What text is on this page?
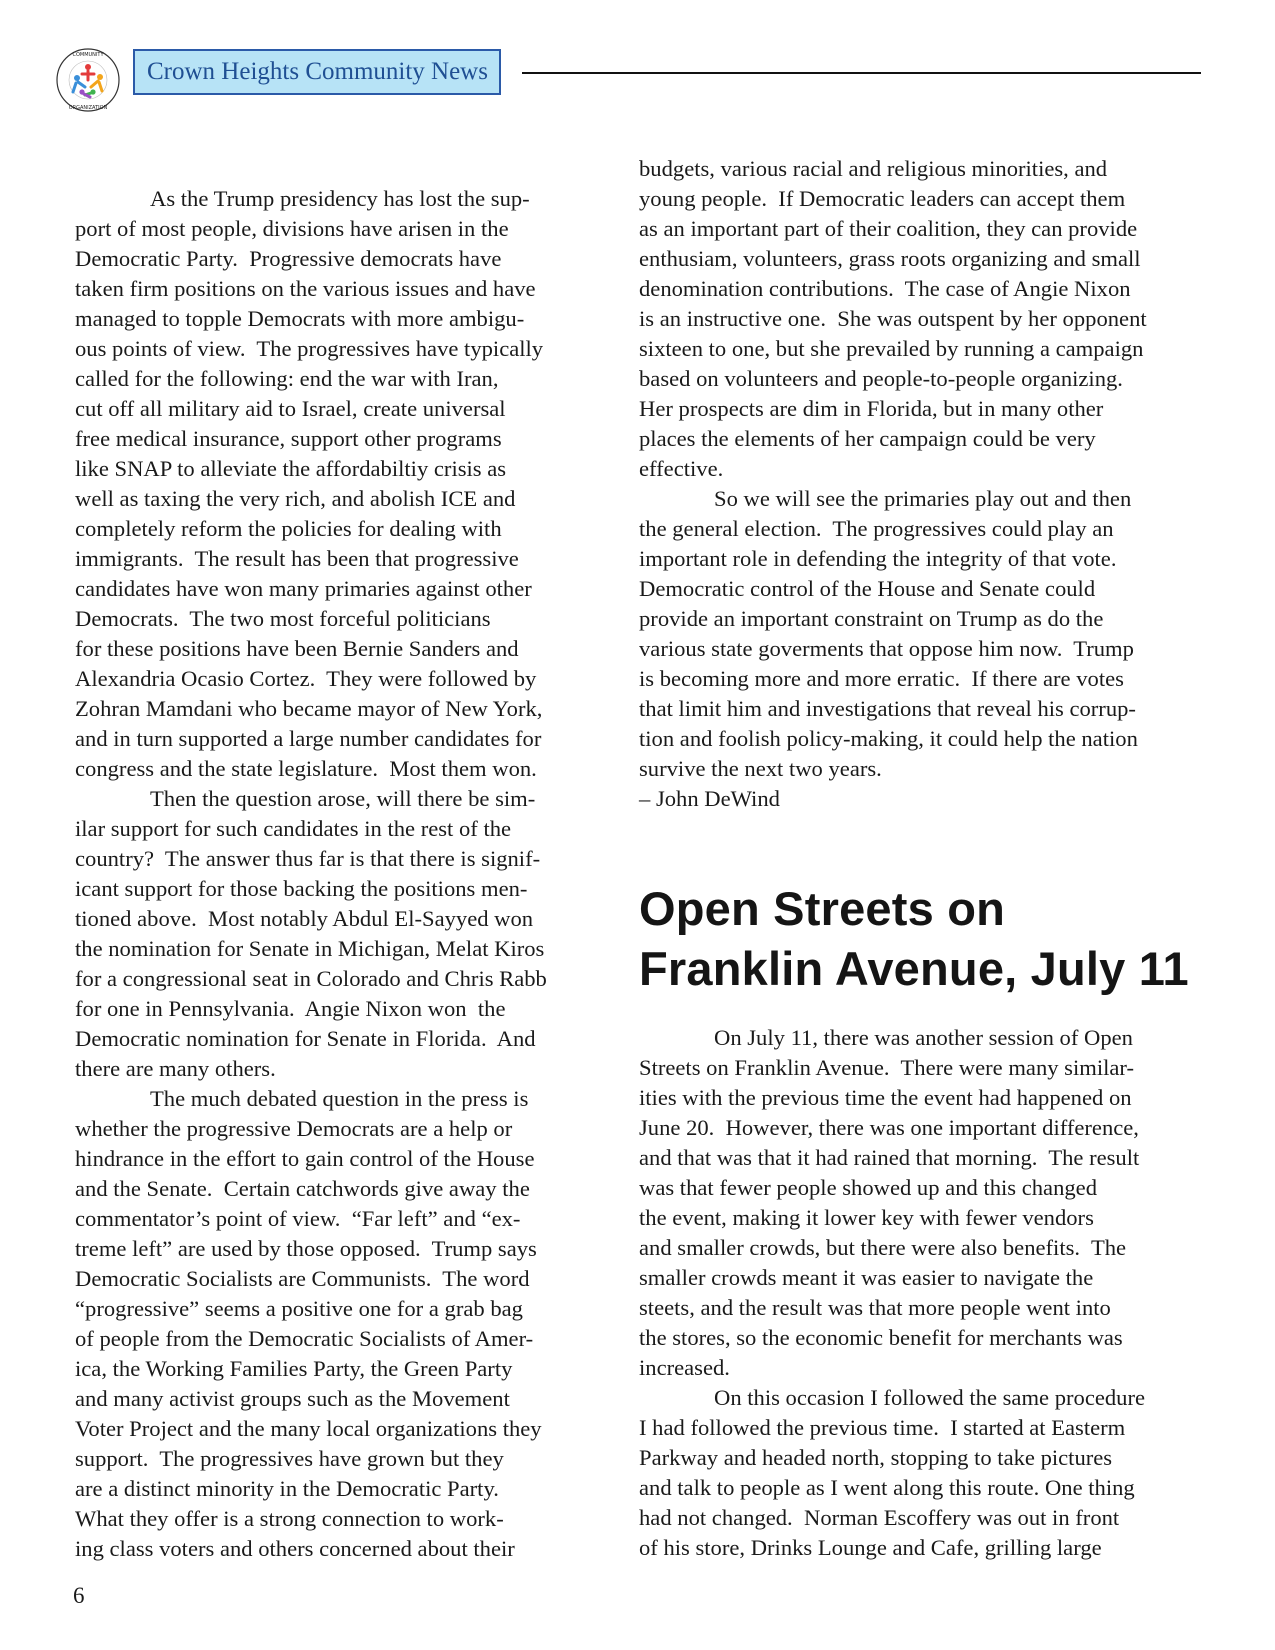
COMMUNITY
ORGANIZATION
Crown Heights Community News
As the Trump presidency has lost the sup-
port of most people, divisions have arisen in the
Democratic Party.  Progressive democrats have
taken firm positions on the various issues and have
managed to topple Democrats with more ambigu-
ous points of view.  The progressives have typically
called for the following: end the war with Iran,
cut off all military aid to Israel, create universal
free medical insurance, support other programs
like SNAP to alleviate the affordabiltiy crisis as
well as taxing the very rich, and abolish ICE and
completely reform the policies for dealing with
immigrants.  The result has been that progressive
candidates have won many primaries against other
Democrats.  The two most forceful politicians
for these positions have been Bernie Sanders and
Alexandria Ocasio Cortez.  They were followed by
Zohran Mamdani who became mayor of New York,
and in turn supported a large number candidates for
congress and the state legislature.  Most them won.
Then the question arose, will there be sim-
ilar support for such candidates in the rest of the
country?  The answer thus far is that there is signif-
icant support for those backing the positions men-
tioned above.  Most notably Abdul El-Sayyed won
the nomination for Senate in Michigan, Melat Kiros
for a congressional seat in Colorado and Chris Rabb
for one in Pennsylvania.  Angie Nixon won  the
Democratic nomination for Senate in Florida.  And
there are many others.
The much debated question in the press is
whether the progressive Democrats are a help or
hindrance in the effort to gain control of the House
and the Senate.  Certain catchwords give away the
commentator’s point of view.  “Far left” and “ex-
treme left” are used by those opposed.  Trump says
Democratic Socialists are Communists.  The word
“progressive” seems a positive one for a grab bag
of people from the Democratic Socialists of Amer-
ica, the Working Families Party, the Green Party
and many activist groups such as the Movement
Voter Project and the many local organizations they
support.  The progressives have grown but they
are a distinct minority in the Democratic Party.
What they offer is a strong connection to work-
ing class voters and others concerned about their
budgets, various racial and religious minorities, and
young people.  If Democratic leaders can accept them
as an important part of their coalition, they can provide
enthusiam, volunteers, grass roots organizing and small
denomination contributions.  The case of Angie Nixon
is an instructive one.  She was outspent by her opponent
sixteen to one, but she prevailed by running a campaign
based on volunteers and people-to-people organizing.
Her prospects are dim in Florida, but in many other
places the elements of her campaign could be very
effective.
So we will see the primaries play out and then
the general election.  The progressives could play an
important role in defending the integrity of that vote.
Democratic control of the House and Senate could
provide an important constraint on Trump as do the
various state goverments that oppose him now.  Trump
is becoming more and more erratic.  If there are votes
that limit him and investigations that reveal his corrup-
tion and foolish policy-making, it could help the nation
survive the next two years.
– John DeWind
Open Streets on
Franklin Avenue, July 11
On July 11, there was another session of Open
Streets on Franklin Avenue.  There were many similar-
ities with the previous time the event had happened on
June 20.  However, there was one important difference,
and that was that it had rained that morning.  The result
was that fewer people showed up and this changed
the event, making it lower key with fewer vendors
and smaller crowds, but there were also benefits.  The
smaller crowds meant it was easier to navigate the
steets, and the result was that more people went into
the stores, so the economic benefit for merchants was
increased.
On this occasion I followed the same procedure
I had followed the previous time.  I started at Easterm
Parkway and headed north, stopping to take pictures
and talk to people as I went along this route. One thing
had not changed.  Norman Escoffery was out in front
of his store, Drinks Lounge and Cafe, grilling large
6
